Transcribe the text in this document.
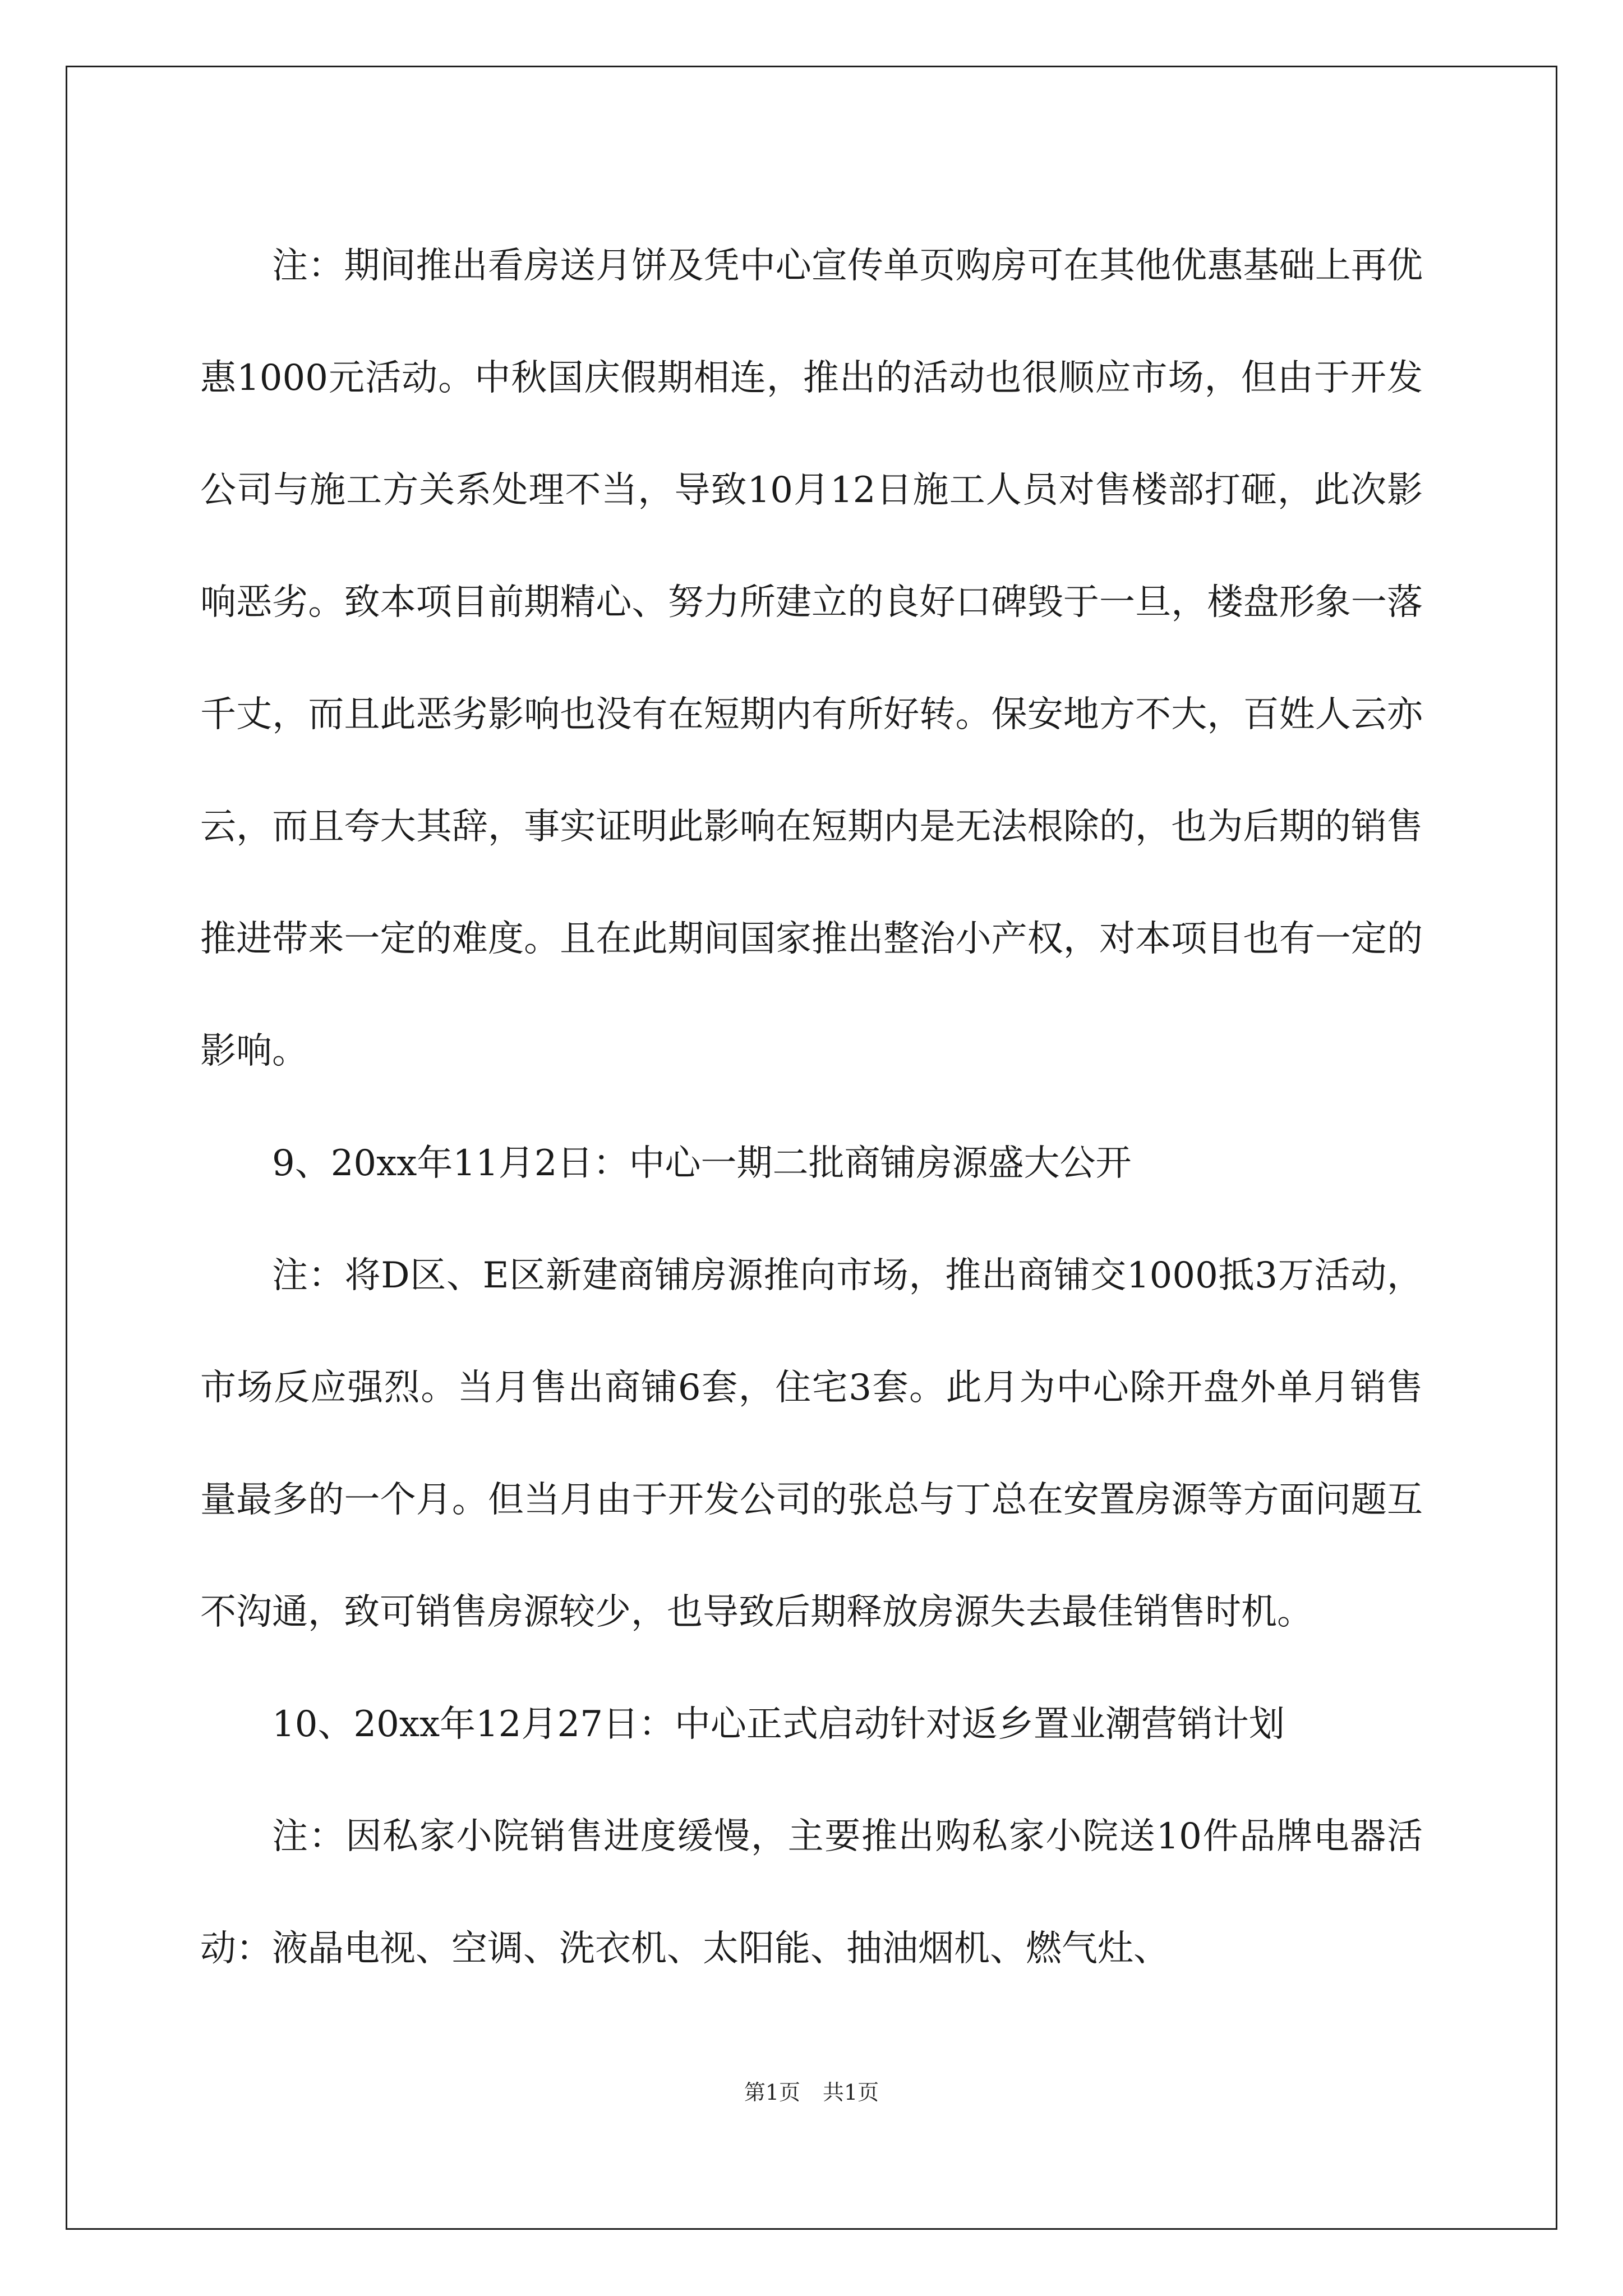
注：期间推出看房送月饼及凭中心宣传单页购房可在其他优惠基础上再优惠1000元活动。中秋国庆假期相连，推出的活动也很顺应市场，但由于开发公司与施工方关系处理不当，导致10月12日施工人员对售楼部打砸，此次影响恶劣。致本项目前期精心、努力所建立的良好口碑毁于一旦，楼盘形象一落千丈，而且此恶劣影响也没有在短期内有所好转。保安地方不大，百姓人云亦云，而且夸大其辞，事实证明此影响在短期内是无法根除的，也为后期的销售推进带来一定的难度。且在此期间国家推出整治小产权，对本项目也有一定的影响。

9、20xx年11月2日：中心一期二批商铺房源盛大公开

注：将D区、E区新建商铺房源推向市场，推出商铺交1000抵3万活动，市场反应强烈。当月售出商铺6套，住宅3套。此月为中心除开盘外单月销售量最多的一个月。但当月由于开发公司的张总与丁总在安置房源等方面问题互不沟通，致可销售房源较少，也导致后期释放房源失去最佳销售时机。

10、20xx年12月27日：中心正式启动针对返乡置业潮营销计划

注：因私家小院销售进度缓慢，主要推出购私家小院送10件品牌电器活动：液晶电视、空调、洗衣机、太阳能、抽油烟机、燃气灶、

第1页 共1页
